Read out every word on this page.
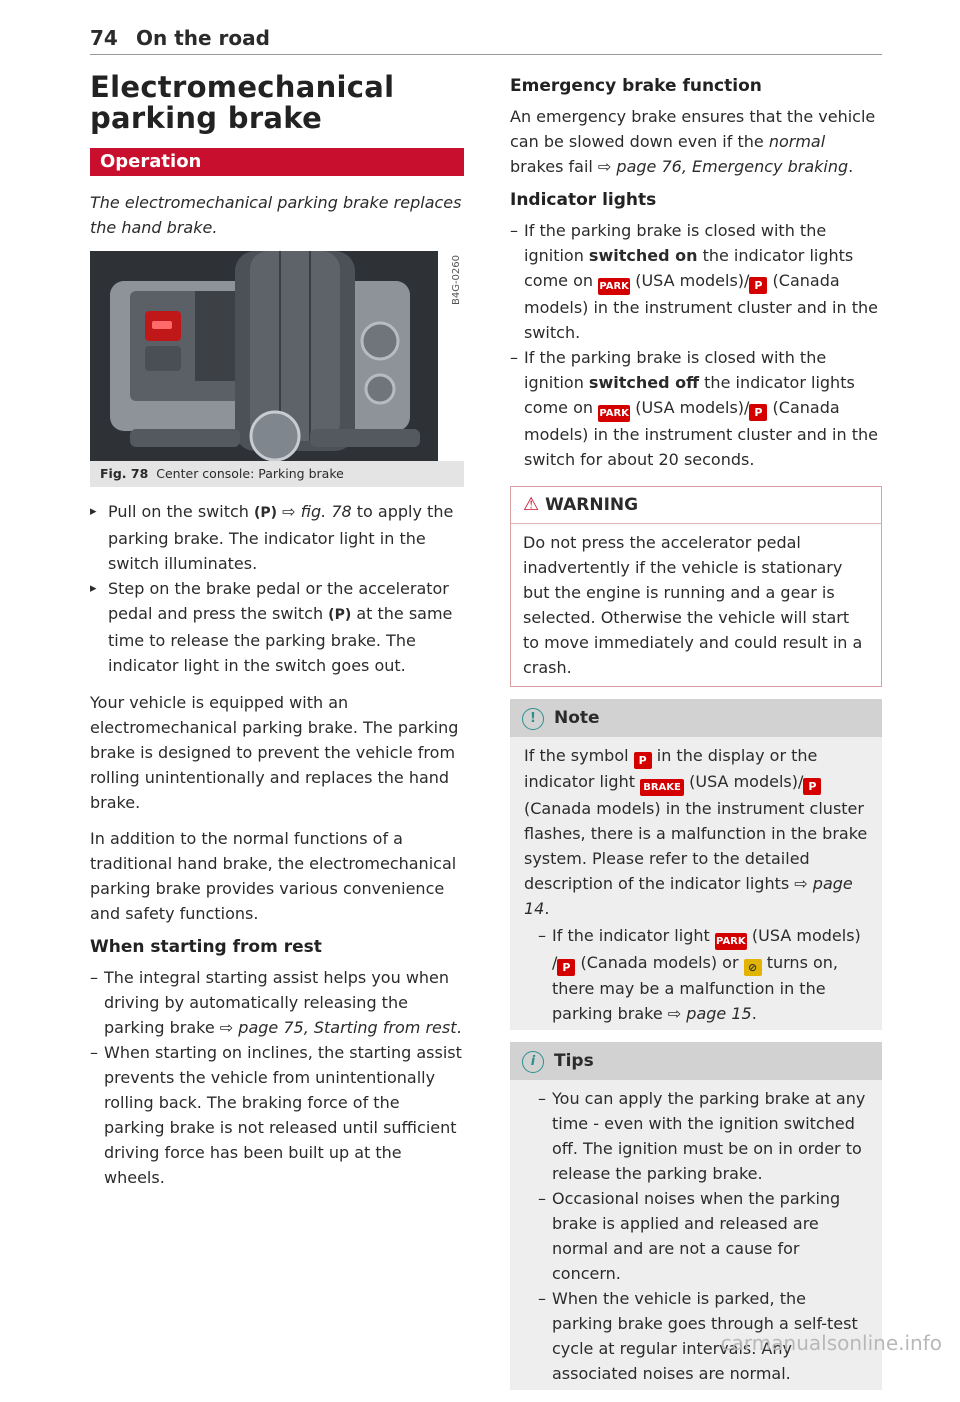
74 On the road
Electromechanical parking brake
Operation

The electromechanical parking brake replaces the hand brake.

B4G-0260
Fig. 78 Center console: Parking brake
▸ Pull on the switch (P) ⇨ fig. 78 to apply the parking brake. The indicator light in the switch illuminates.
▸ Step on the brake pedal or the accelerator pedal and press the switch (P) at the same time to release the parking brake. The indicator light in the switch goes out.

Your vehicle is equipped with an electromechanical parking brake. The parking brake is designed to prevent the vehicle from rolling unintentionally and replaces the hand brake.

In addition to the normal functions of a traditional hand brake, the electromechanical parking brake provides various convenience and safety functions.

When starting from rest
– The integral starting assist helps you when driving by automatically releasing the parking brake ⇨ page 75, Starting from rest.
– When starting on inclines, the starting assist prevents the vehicle from unintentionally rolling back. The braking force of the parking brake is not released until sufficient driving force has been built up at the wheels.
Emergency brake function

An emergency brake ensures that the vehicle can be slowed down even if the normal brakes fail ⇨ page 76, Emergency braking.

Indicator lights
– If the parking brake is closed with the ignition switched on the indicator lights come on PARK (USA models)/ P (Canada models) in the instrument cluster and in the switch.
– If the parking brake is closed with the ignition switched off the indicator lights come on PARK (USA models)/ P (Canada models) in the instrument cluster and in the switch for about 20 seconds.
⚠ WARNING

Do not press the accelerator pedal inadvertently if the vehicle is stationary but the engine is running and a gear is selected. Otherwise the vehicle will start to move immediately and could result in a crash.

! Note

If the symbol P in the display or the indicator light BRAKE (USA models)/ P (Canada models) in the instrument cluster flashes, there is a malfunction in the brake system. Please refer to the detailed description of the indicator lights ⇨ page 14.

– If the indicator light PARK (USA models) / P (Canada models) or ⊘ turns on, there may be a malfunction in the parking brake ⇨ page 15.
i Tips
– You can apply the parking brake at any time - even with the ignition switched off. The ignition must be on in order to release the parking brake.
– Occasional noises when the parking brake is applied and released are normal and are not a cause for concern.
– When the vehicle is parked, the parking brake goes through a self-test cycle at regular intervals. Any associated noises are normal.
carmanualsonline.info
